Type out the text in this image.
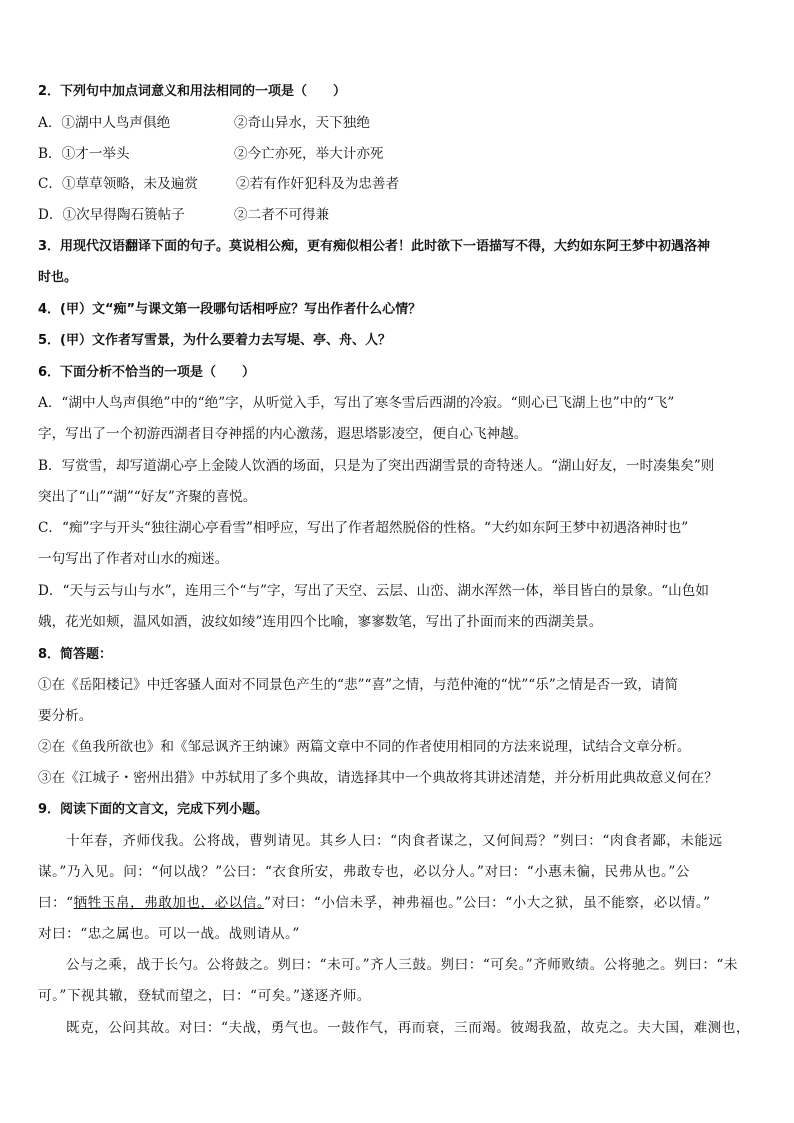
2．下列句中加点词意义和用法相同的一项是（　　）
A．①湖中人鸟声俱绝	②奇山异水，天下独绝
B．①才一举头	②今亡亦死，举大计亦死
C．①草草领略，未及遍赏	②若有作奸犯科及为忠善者
D．①次早得陶石篑帖子	②二者不可得兼
3．用现代汉语翻译下面的句子。莫说相公痴，更有痴似相公者！此时欲下一语描写不得，大约如东阿王梦中初遇洛神
时也。
4．(甲）文“痴”与课文第一段哪句话相呼应？写出作者什么心情？
5．(甲）文作者写雪景，为什么要着力去写堤、亭、舟、人？
6．下面分析不恰当的一项是（　　）
A．“湖中人鸟声俱绝”中的“绝”字，从听觉入手，写出了寒冬雪后西湖的冷寂。“则心已飞湖上也”中的“飞”
字，写出了一个初游西湖者目夺神摇的内心激荡，遐思塔影凌空，便自心飞神越。
B．写赏雪，却写道湖心亭上金陵人饮酒的场面，只是为了突出西湖雪景的奇特迷人。“湖山好友，一时凑集矣”则
突出了“山”“湖”“好友”齐聚的喜悦。
C．“痴”字与开头“独往湖心亭看雪”相呼应，写出了作者超然脱俗的性格。“大约如东阿王梦中初遇洛神时也”
一句写出了作者对山水的痴迷。
D．“天与云与山与水”，连用三个“与”字，写出了天空、云层、山峦、湖水浑然一体，举目皆白的景象。“山色如
娥，花光如颊，温风如酒，波纹如绫”连用四个比喻，寥寥数笔，写出了扑面而来的西湖美景。
8．简答题：
①在《岳阳楼记》中迁客骚人面对不同景色产生的“悲”“喜”之情，与范仲淹的“忧”“乐”之情是否一致，请简
要分析。
②在《鱼我所欲也》和《邹忌讽齐王纳谏》两篇文章中不同的作者使用相同的方法来说理，试结合文章分析。
③在《江城子・密州出猎》中苏轼用了多个典故，请选择其中一个典故将其讲述清楚，并分析用此典故意义何在？
9．阅读下面的文言文，完成下列小题。
十年春，齐师伐我。公将战，曹刿请见。其乡人曰：“肉食者谋之，又何间焉？”刿曰：“肉食者鄙，未能远
谋。”乃入见。问：“何以战？”公曰：“衣食所安，弗敢专也，必以分人。”对曰：“小惠未徧，民弗从也。”公
曰：“牺牲玉帛，弗敢加也，必以信。”对曰：“小信未孚，神弗福也。”公曰：“小大之狱，虽不能察，必以情。”
对曰：“忠之属也。可以一战。战则请从。”
公与之乘，战于长勺。公将鼓之。刿曰：“未可。”齐人三鼓。刿曰：“可矣。”齐师败绩。公将驰之。刿曰：“未
可。”下视其辙，登轼而望之，曰：“可矣。”遂逐齐师。
既克，公问其故。对曰：“夫战，勇气也。一鼓作气，再而衰，三而竭。彼竭我盈，故克之。夫大国，难测也，
